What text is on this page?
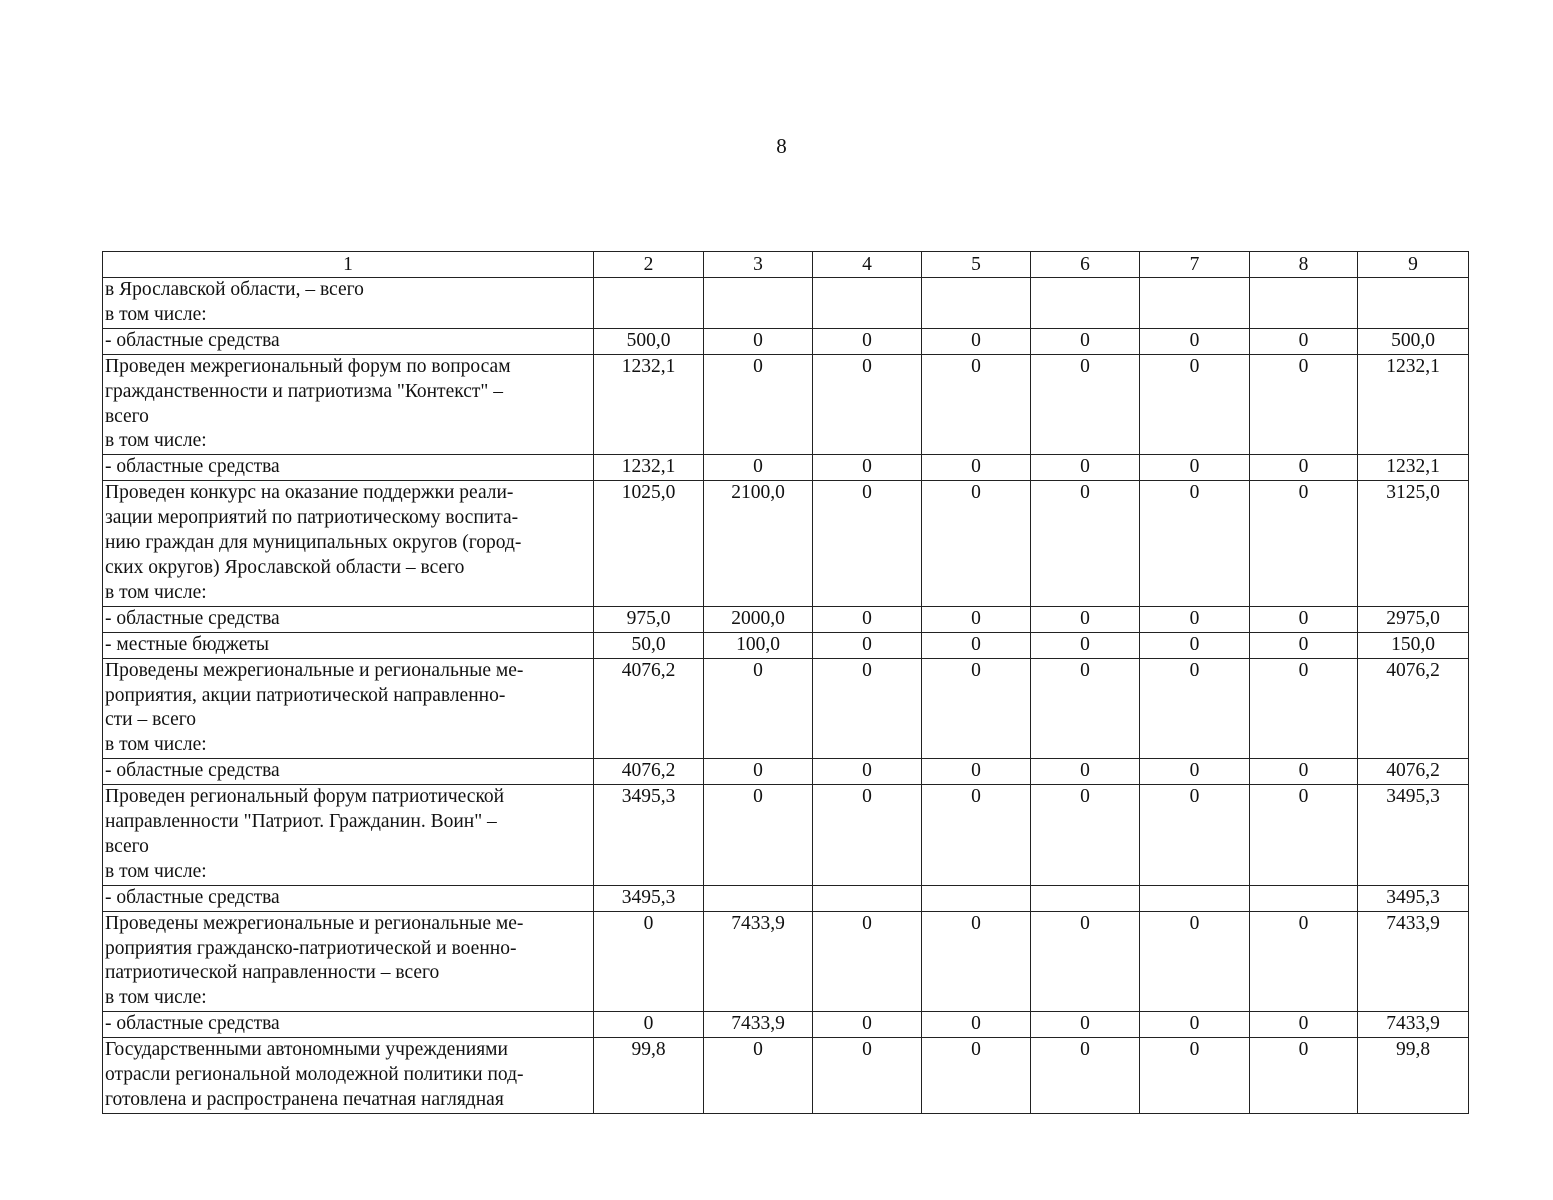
8
1	2	3	4	5	6	7	8	9

в Ярославской области, – всего
в том числе:								

- областные средства	500,0	0	0	0	0	0	0	500,0

Проведен межрегиональный форум по вопросам
гражданственности и патриотизма "Контекст" –
всего
в том числе:	1232,1	0	0	0	0	0	0	1232,1

- областные средства	1232,1	0	0	0	0	0	0	1232,1

Проведен конкурс на оказание поддержки реали-
зации мероприятий по патриотическому воспита-
нию граждан для муниципальных округов (город-
ских округов) Ярославской области – всего
в том числе:	1025,0	2100,0	0	0	0	0	0	3125,0

- областные средства	975,0	2000,0	0	0	0	0	0	2975,0

- местные бюджеты	50,0	100,0	0	0	0	0	0	150,0

Проведены межрегиональные и региональные ме-
роприятия, акции патриотической направленно-
сти – всего
в том числе:	4076,2	0	0	0	0	0	0	4076,2

- областные средства	4076,2	0	0	0	0	0	0	4076,2

Проведен региональный форум патриотической
направленности "Патриот. Гражданин. Воин" –
всего
в том числе:	3495,3	0	0	0	0	0	0	3495,3

- областные средства	3495,3							3495,3

Проведены межрегиональные и региональные ме-
роприятия гражданско-патриотической и военно-
патриотической направленности – всего
в том числе:	0	7433,9	0	0	0	0	0	7433,9

- областные средства	0	7433,9	0	0	0	0	0	7433,9

Государственными автономными учреждениями
отрасли региональной молодежной политики под-
готовлена и распространена печатная наглядная	99,8	0	0	0	0	0	0	99,8
